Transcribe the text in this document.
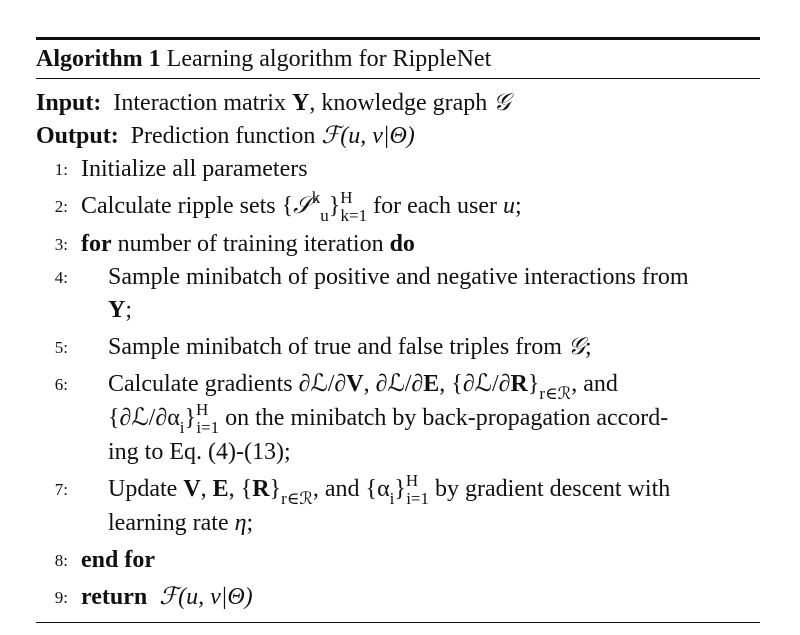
Algorithm 1 Learning algorithm for RippleNet
Input: Interaction matrix Y, knowledge graph 𝒢
Output: Prediction function ℱ(u, v|Θ)
1: Initialize all parameters
2: Calculate ripple sets {𝒮$^k_u$}$^H_{k=1}$ for each user u;
3: for number of training iteration do
4:	Sample minibatch of positive and negative interactions from
Y;
5:	Sample minibatch of true and false triples from 𝒢;
6: Calculate gradients ∂ℒ/∂V, ∂ℒ/∂E, $\{\partial ℒ/\partial R\}_{r\in ℛ}$, and
$\{\partial ℒ/\partial\alpha_i\}^H_{i=1}$ on the minibatch by back-propagation accord-
ing to Eq. (4)-(13);
7: Update V, E, $\{R\}_{r\in ℛ}$, and $\{\alpha_i\}^H_{i=1}$ by gradient descent with
learning rate η;
8: end for
9: return ℱ(u, v|Θ)
